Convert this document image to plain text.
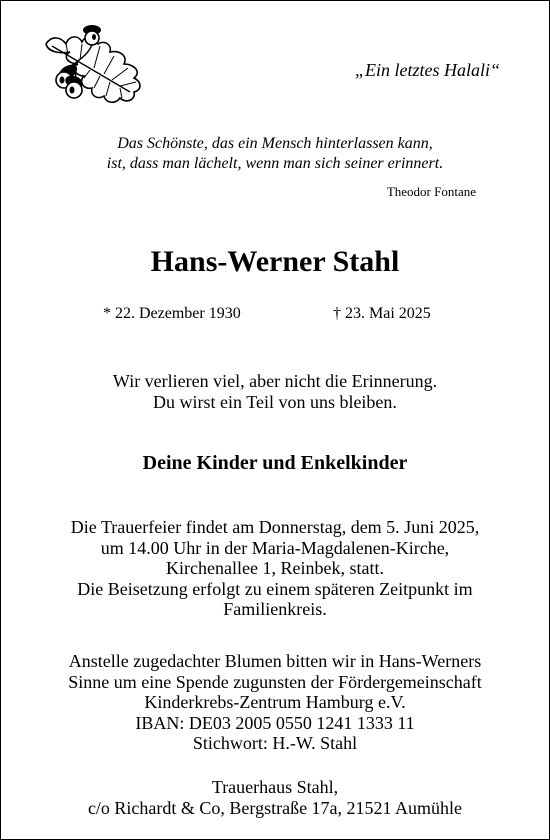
„Ein letztes Halali“
Das Schönste, das ein Mensch hinterlassen kann,
ist, dass man lächelt, wenn man sich seiner erinnert.
Theodor Fontane
Hans-Werner Stahl
* 22. Dezember 1930	† 23. Mai 2025
Wir verlieren viel, aber nicht die Erinnerung.
Du wirst ein Teil von uns bleiben.
Deine Kinder und Enkelkinder
Die Trauerfeier findet am Donnerstag, dem 5. Juni 2025,
um 14.00 Uhr in der Maria-Magdalenen-Kirche,
Kirchenallee 1, Reinbek, statt.
Die Beisetzung erfolgt zu einem späteren Zeitpunkt im
Familienkreis.
Anstelle zugedachter Blumen bitten wir in Hans-Werners
Sinne um eine Spende zugunsten der Fördergemeinschaft
Kinderkrebs-Zentrum Hamburg e.V.
IBAN: DE03 2005 0550 1241 1333 11
Stichwort: H.-W. Stahl
Trauerhaus Stahl,
c/o Richardt & Co, Bergstraße 17a, 21521 Aumühle
